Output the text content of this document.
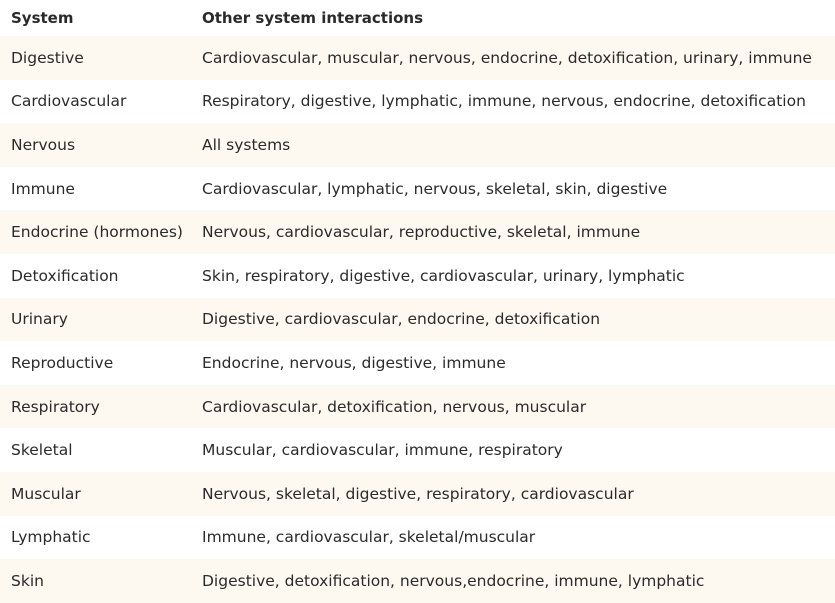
System	Other system interactions
Digestive	Cardiovascular, muscular, nervous, endocrine, detoxification, urinary, immune
Cardiovascular	Respiratory, digestive, lymphatic, immune, nervous, endocrine, detoxification
Nervous	All systems
Immune	Cardiovascular, lymphatic, nervous, skeletal, skin, digestive
Endocrine (hormones)	Nervous, cardiovascular, reproductive, skeletal, immune
Detoxification	Skin, respiratory, digestive, cardiovascular, urinary, lymphatic
Urinary	Digestive, cardiovascular, endocrine, detoxification
Reproductive	Endocrine, nervous, digestive, immune
Respiratory	Cardiovascular, detoxification, nervous, muscular
Skeletal	Muscular, cardiovascular, immune, respiratory
Muscular	Nervous, skeletal, digestive, respiratory, cardiovascular
Lymphatic	Immune, cardiovascular, skeletal/muscular
Skin	Digestive, detoxification, nervous,endocrine, immune, lymphatic
